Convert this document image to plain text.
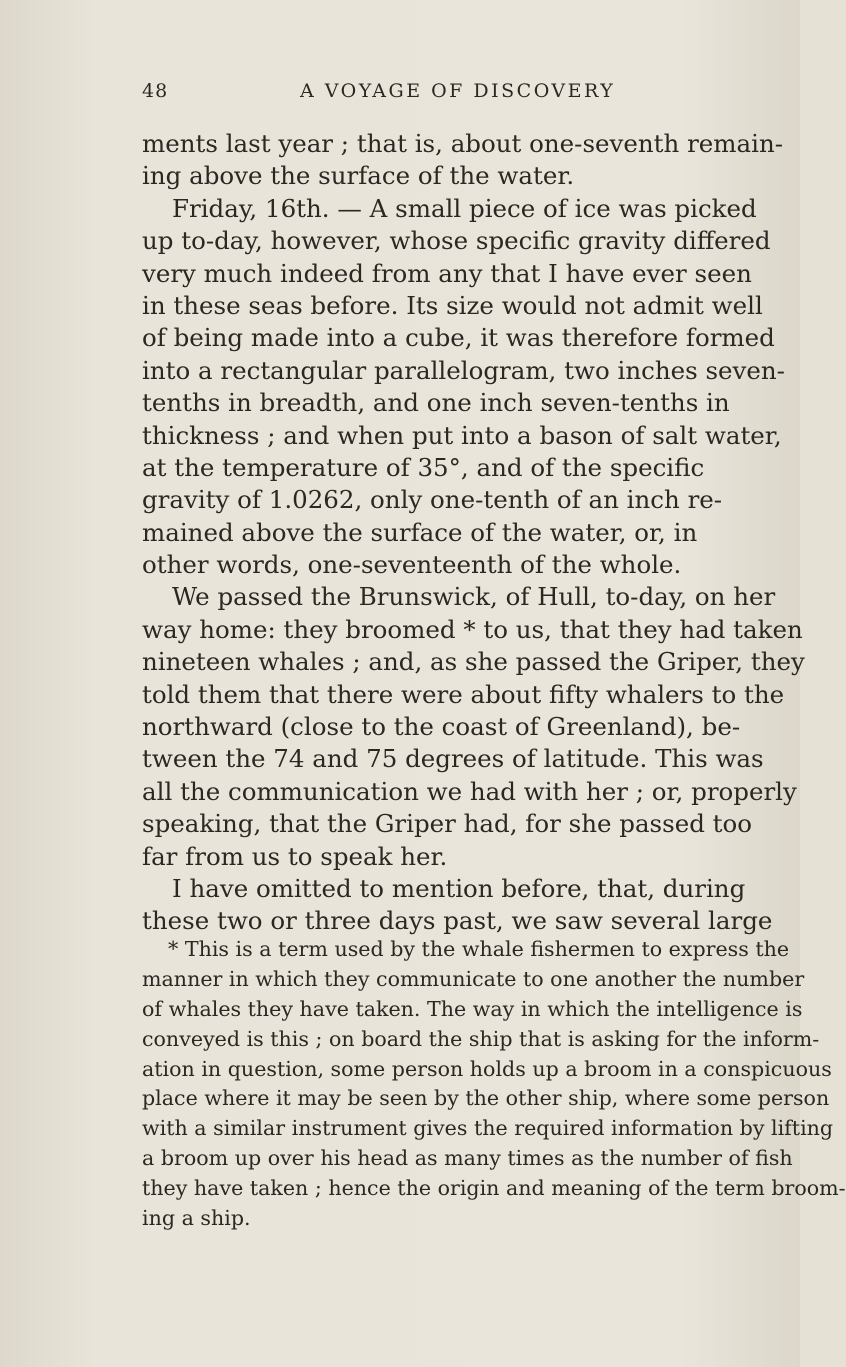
48	A VOYAGE OF DISCOVERY
ments last year ; that is, about one-seventh remain-
ing above the surface of the water.
Friday, 16th. — A small piece of ice was picked
up to-day, however, whose specific gravity differed
very much indeed from any that I have ever seen
in these seas before. Its size would not admit well
of being made into a cube, it was therefore formed
into a rectangular parallelogram, two inches seven-
tenths in breadth, and one inch seven-tenths in
thickness ; and when put into a bason of salt water,
at the temperature of 35°, and of the specific
gravity of 1.0262, only one-tenth of an inch re-
mained above the surface of the water, or, in
other words, one-seventeenth of the whole.
We passed the Brunswick, of Hull, to-day, on her
way home: they broomed * to us, that they had taken
nineteen whales ; and, as she passed the Griper, they
told them that there were about fifty whalers to the
northward (close to the coast of Greenland), be-
tween the 74 and 75 degrees of latitude. This was
all the communication we had with her ; or, properly
speaking, that the Griper had, for she passed too
far from us to speak her.
I have omitted to mention before, that, during
these two or three days past, we saw several large
* This is a term used by the whale fishermen to express the
manner in which they communicate to one another the number
of whales they have taken. The way in which the intelligence is
conveyed is this ; on board the ship that is asking for the inform-
ation in question, some person holds up a broom in a conspicuous
place where it may be seen by the other ship, where some person
with a similar instrument gives the required information by lifting
a broom up over his head as many times as the number of fish
they have taken ; hence the origin and meaning of the term broom-
ing a ship.
